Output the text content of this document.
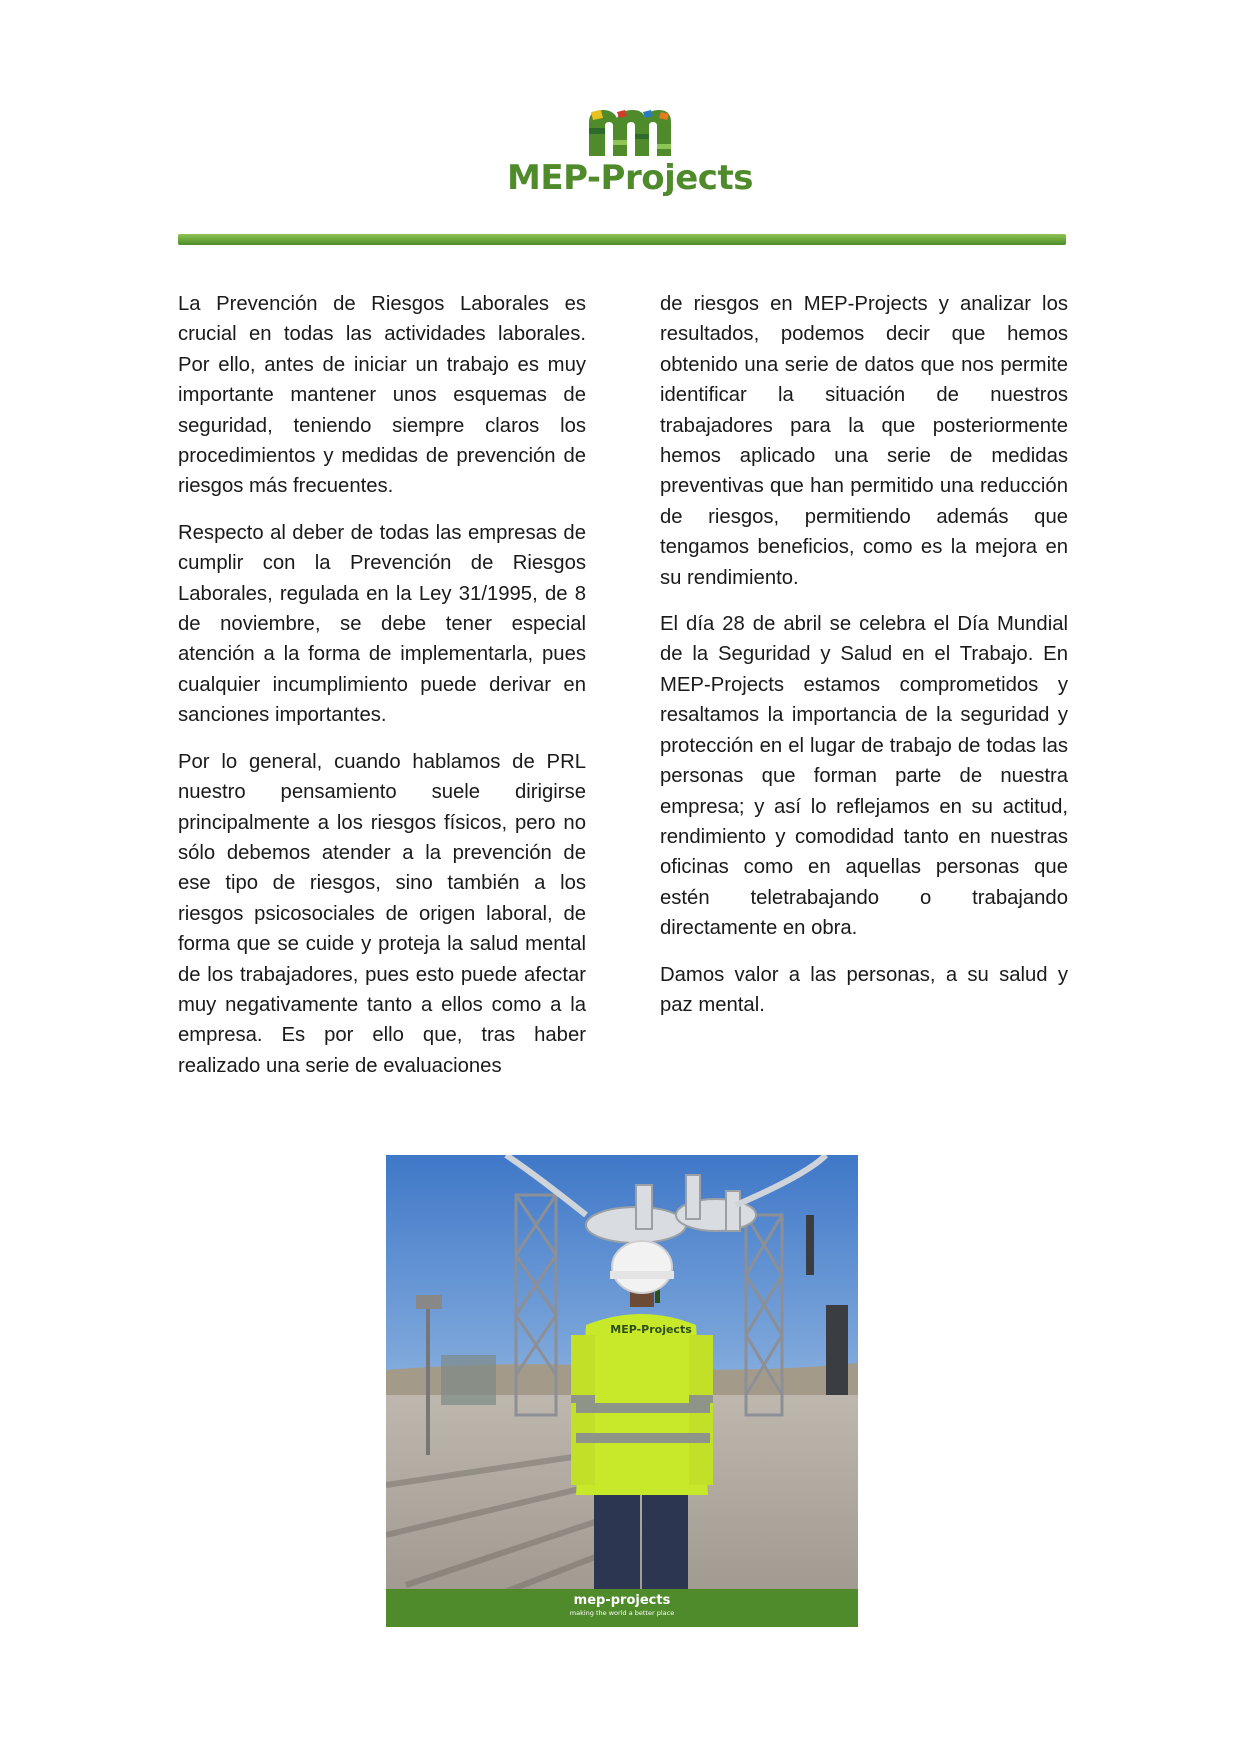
MEP-Projects

La Prevención de Riesgos Laborales es crucial en todas las actividades laborales. Por ello, antes de iniciar un trabajo es muy importante mantener unos esquemas de seguridad, teniendo siempre claros los procedimientos y medidas de prevención de riesgos más frecuentes.

Respecto al deber de todas las empresas de cumplir con la Prevención de Riesgos Laborales, regulada en la Ley 31/1995, de 8 de noviembre, se debe tener especial atención a la forma de implementarla, pues cualquier incumplimiento puede derivar en sanciones importantes.

Por lo general, cuando hablamos de PRL nuestro pensamiento suele dirigirse principalmente a los riesgos físicos, pero no sólo debemos atender a la prevención de ese tipo de riesgos, sino también a los riesgos psicosociales de origen laboral, de forma que se cuide y proteja la salud mental de los trabajadores, pues esto puede afectar muy negativamente tanto a ellos como a la empresa. Es por ello que, tras haber realizado una serie de evaluaciones

de riesgos en MEP-Projects y analizar los resultados, podemos decir que hemos obtenido una serie de datos que nos permite identificar la situación de nuestros trabajadores para la que posteriormente hemos aplicado una serie de medidas preventivas que han permitido una reducción de riesgos, permitiendo además que tengamos beneficios, como es la mejora en su rendimiento.

El día 28 de abril se celebra el Día Mundial de la Seguridad y Salud en el Trabajo. En MEP-Projects estamos comprometidos y resaltamos la importancia de la seguridad y protección en el lugar de trabajo de todas las personas que forman parte de nuestra empresa; y así lo reflejamos en su actitud, rendimiento y comodidad tanto en nuestras oficinas como en aquellas personas que estén teletrabajando o trabajando directamente en obra.

Damos valor a las personas, a su salud y paz mental.

MEP-Projects
mep-projects
making the world a better place
